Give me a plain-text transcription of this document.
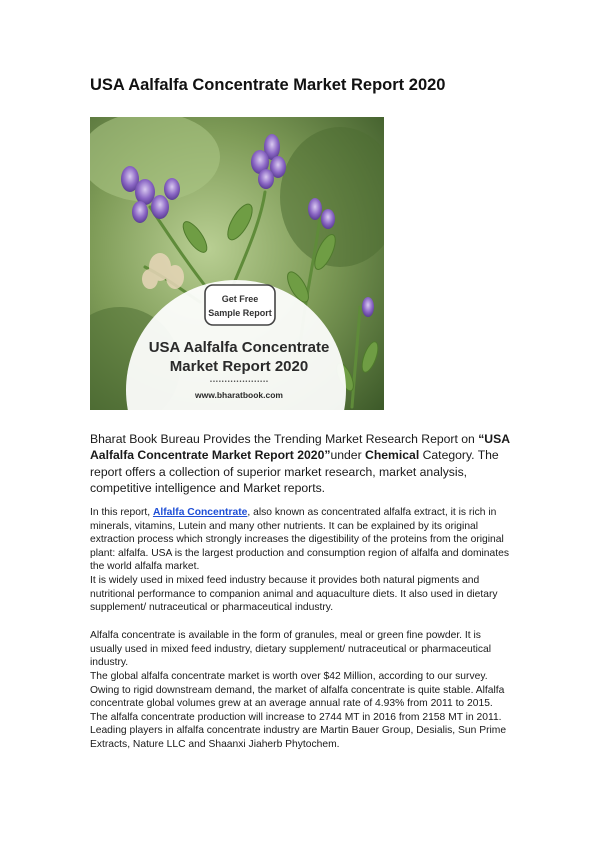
USA Aalfalfa Concentrate Market Report 2020
Get Free
Sample Report
USA Aalfalfa Concentrate
Market Report 2020
••••••••••••••••••••
www.bharatbook.com

Bharat Book Bureau Provides the Trending Market Research Report on “USA Aalfalfa Concentrate Market Report 2020”under Chemical Category. The report offers a collection of superior market research, market analysis, competitive intelligence and Market reports.

In this report, Alfalfa Concentrate, also known as concentrated alfalfa extract, it is rich in minerals, vitamins, Lutein and many other nutrients. It can be explained by its original extraction process which strongly increases the digestibility of the proteins from the original plant: alfalfa. USA is the largest production and consumption region of alfalfa and dominates the world alfalfa market.

It is widely used in mixed feed industry because it provides both natural pigments and nutritional performance to companion animal and aquaculture diets. It also used in dietary supplement/ nutraceutical or pharmaceutical industry.

Alfalfa concentrate is available in the form of granules, meal or green fine powder. It is usually used in mixed feed industry, dietary supplement/ nutraceutical or pharmaceutical industry.

The global alfalfa concentrate market is worth over $42 Million, according to our survey. Owing to rigid downstream demand, the market of alfalfa concentrate is quite stable. Alfalfa concentrate global volumes grew at an average annual rate of 4.93% from 2011 to 2015. The alfalfa concentrate production will increase to 2744 MT in 2016 from 2158 MT in 2011. Leading players in alfalfa concentrate industry are Martin Bauer Group, Desialis, Sun Prime Extracts, Nature LLC and Shaanxi Jiaherb Phytochem.
